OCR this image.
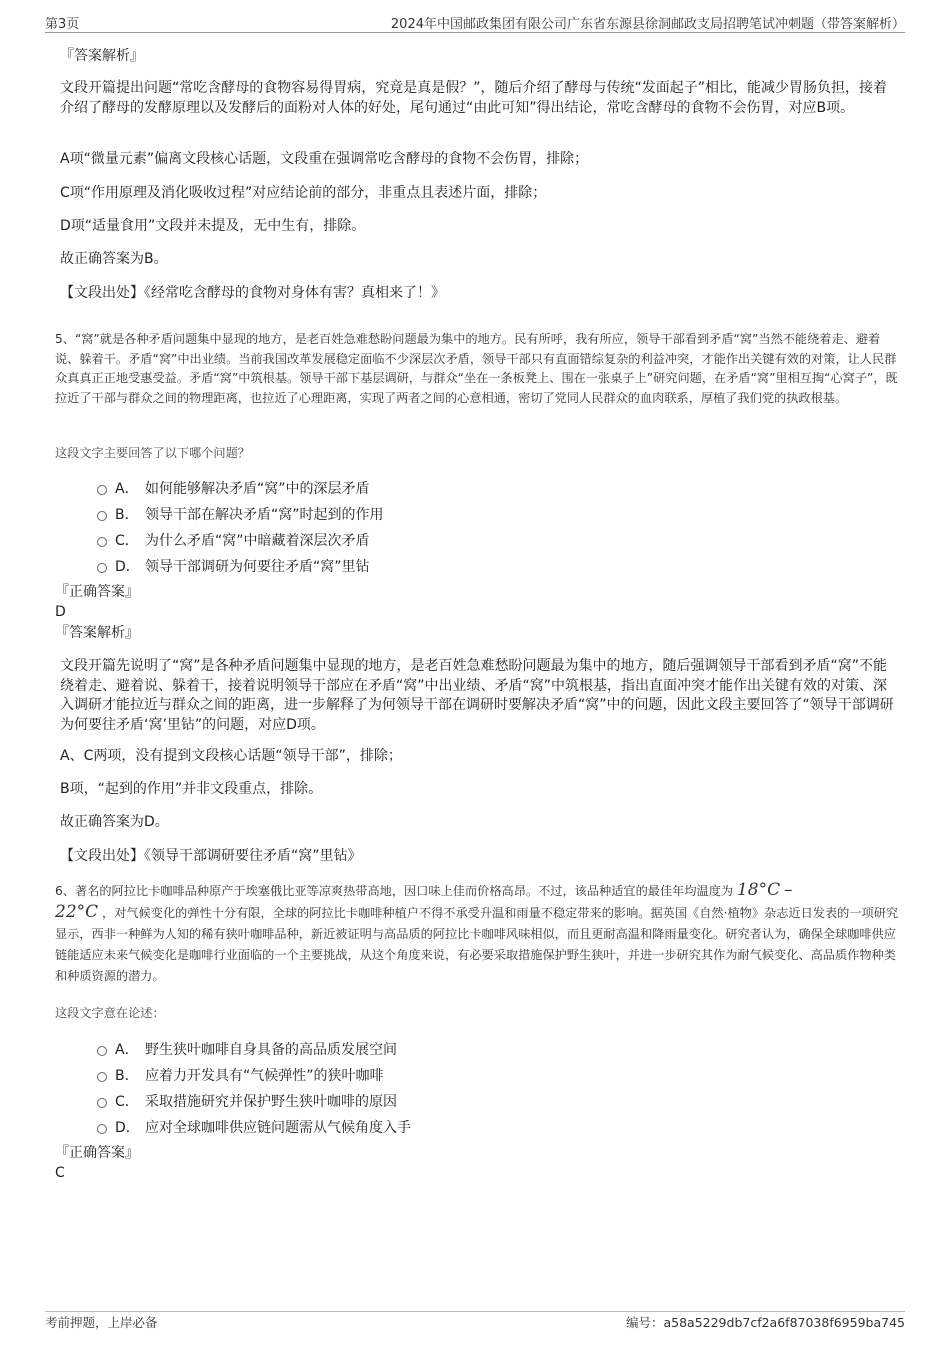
第3页	2024年中国邮政集团有限公司广东省东源县徐洞邮政支局招聘笔试冲刺题（带答案解析）
『答案解析』
文段开篇提出问题“常吃含酵母的食物容易得胃病，究竟是真是假？”，随后介绍了酵母与传统“发面起子”相比，能减少胃肠负担，接着介绍了酵母的发酵原理以及发酵后的面粉对人体的好处，尾句通过“由此可知”得出结论，常吃含酵母的食物不会伤胃，对应B项。
A项“微量元素”偏离文段核心话题，文段重在强调常吃含酵母的食物不会伤胃，排除；
C项“作用原理及消化吸收过程”对应结论前的部分，非重点且表述片面，排除；
D项“适量食用”文段并未提及，无中生有，排除。
故正确答案为B。
【文段出处】《经常吃含酵母的食物对身体有害？真相来了！》
5、“窝”就是各种矛盾问题集中显现的地方，是老百姓急难愁盼问题最为集中的地方。民有所呼，我有所应，领导干部看到矛盾“窝”当然不能绕着走、避着说、躲着干。矛盾“窝”中出业绩。当前我国改革发展稳定面临不少深层次矛盾，领导干部只有直面错综复杂的利益冲突，才能作出关键有效的对策，让人民群众真真正正地受惠受益。矛盾“窝”中筑根基。领导干部下基层调研，与群众“坐在一条板凳上、围在一张桌子上”研究问题，在矛盾“窝”里相互掏“心窝子”，既拉近了干部与群众之间的物理距离，也拉近了心理距离，实现了两者之间的心意相通，密切了党同人民群众的血肉联系，厚植了我们党的执政根基。
这段文字主要回答了以下哪个问题？
A． 如何能够解决矛盾“窝”中的深层矛盾
B． 领导干部在解决矛盾“窝”时起到的作用
C． 为什么矛盾“窝”中暗藏着深层次矛盾
D． 领导干部调研为何要往矛盾“窝”里钻
『正确答案』
D
『答案解析』
文段开篇先说明了“窝”是各种矛盾问题集中显现的地方，是老百姓急难愁盼问题最为集中的地方，随后强调领导干部看到矛盾“窝”不能绕着走、避着说、躲着干，接着说明领导干部应在矛盾“窝”中出业绩、矛盾“窝”中筑根基，指出直面冲突才能作出关键有效的对策、深入调研才能拉近与群众之间的距离，进一步解释了为何领导干部在调研时要解决矛盾“窝”中的问题，因此文段主要回答了“领导干部调研为何要往矛盾‘窝’里钻”的问题，对应D项。
A、C两项，没有提到文段核心话题“领导干部”，排除；
B项，“起到的作用”并非文段重点，排除。
故正确答案为D。
【文段出处】《领导干部调研要往矛盾“窝”里钻》
6、著名的阿拉比卡咖啡品种原产于埃塞俄比亚等凉爽热带高地，因口味上佳而价格高昂。不过，该品种适宜的最佳年均温度为 18°C –
22°C ，对气候变化的弹性十分有限，全球的阿拉比卡咖啡种植户不得不承受升温和雨量不稳定带来的影响。据英国《自然·植物》杂志近日发表的一项研究显示，西非一种鲜为人知的稀有狭叶咖啡品种，新近被证明与高品质的阿拉比卡咖啡风味相似，而且更耐高温和降雨量变化。研究者认为，确保全球咖啡供应链能适应未来气候变化是咖啡行业面临的一个主要挑战，从这个角度来说，有必要采取措施保护野生狭叶，并进一步研究其作为耐气候变化、高品质作物种类和种质资源的潜力。
这段文字意在论述：
A． 野生狭叶咖啡自身具备的高品质发展空间
B． 应着力开发具有“气候弹性”的狭叶咖啡
C． 采取措施研究并保护野生狭叶咖啡的原因
D． 应对全球咖啡供应链问题需从气候角度入手
『正确答案』
C
考前押题，上岸必备	编号：a58a5229db7cf2a6f87038f6959ba745
